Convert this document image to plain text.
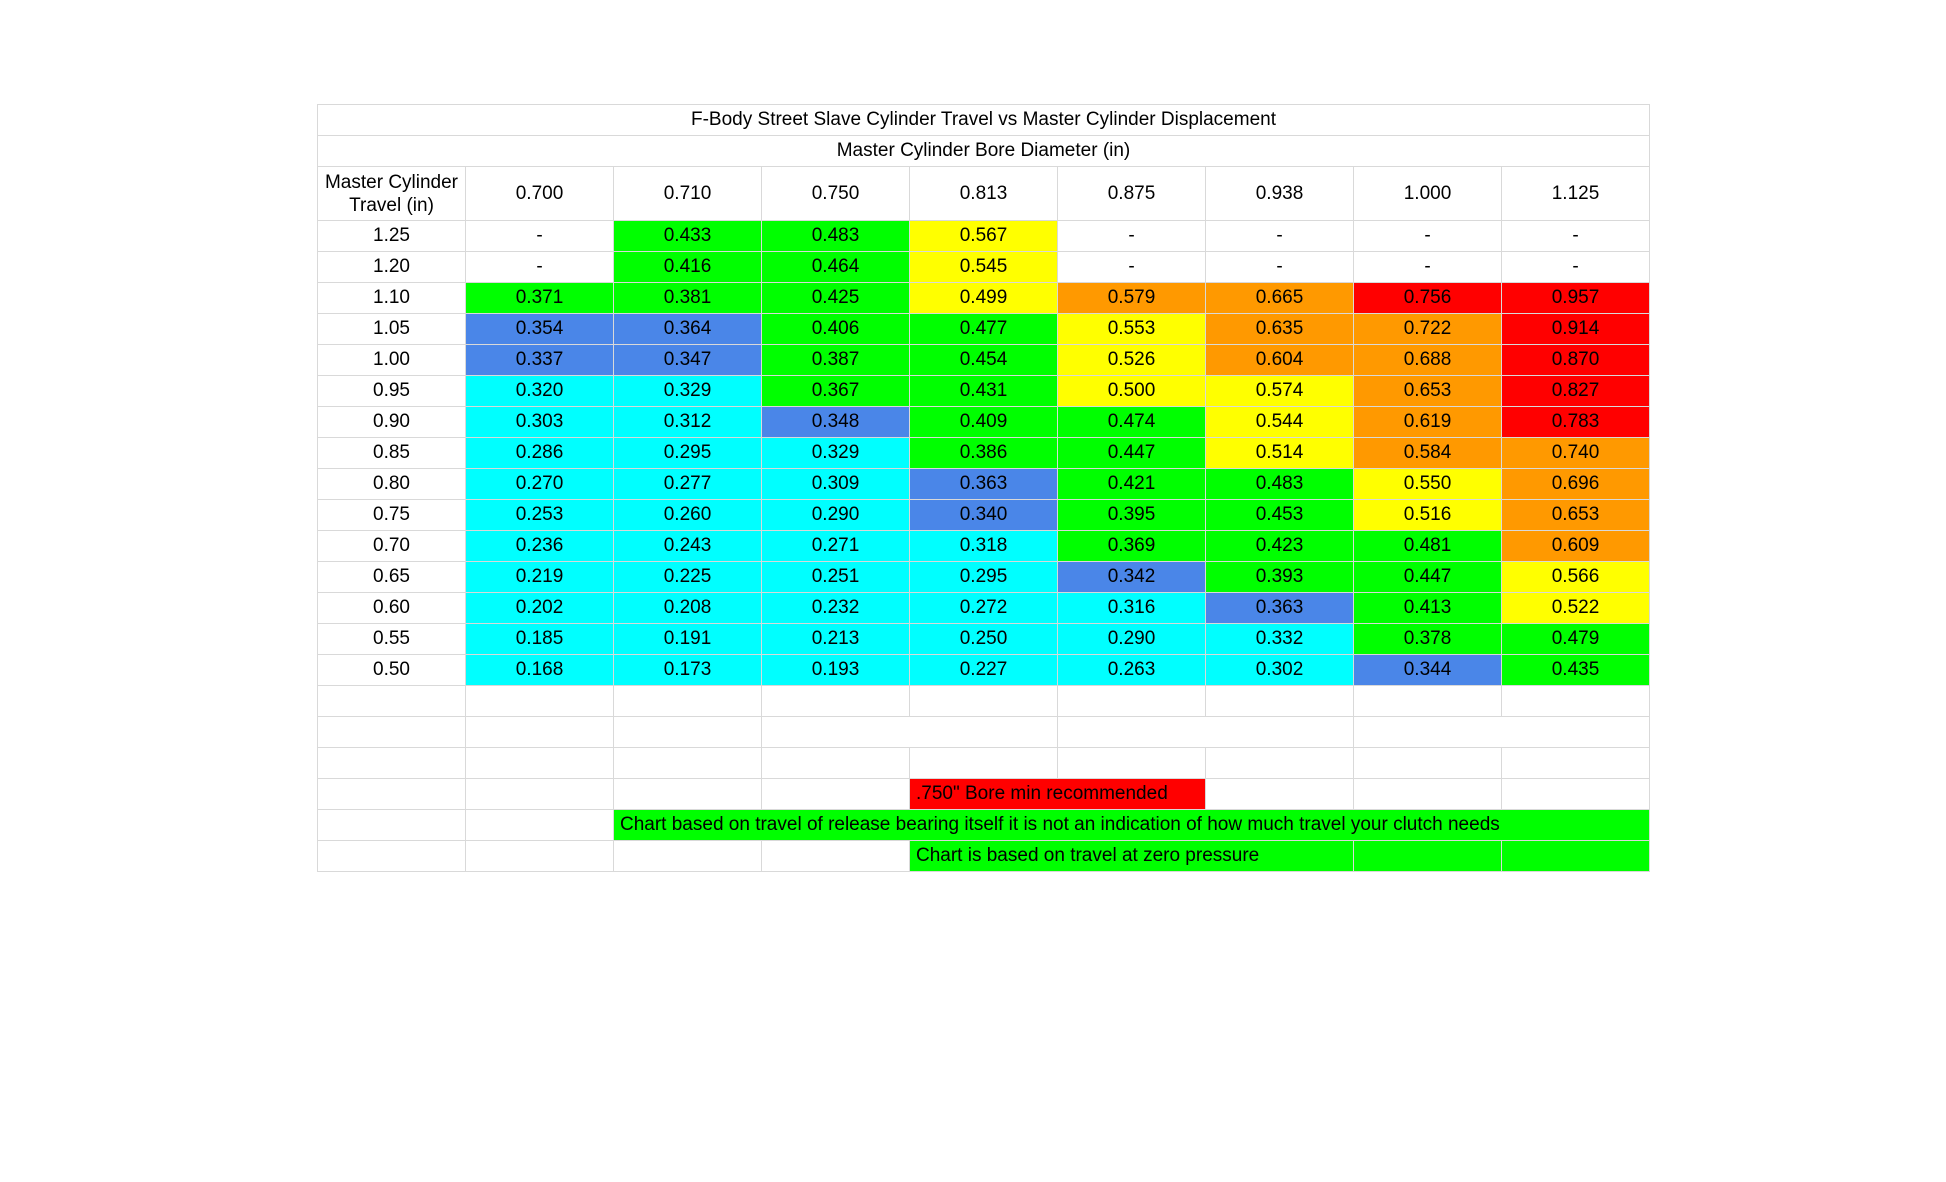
F-Body Street Slave Cylinder Travel vs Master Cylinder Displacement								
Master Cylinder Bore Diameter (in)								
Master Cylinder Travel (in)	0.700	0.710	0.750	0.813	0.875	0.938	1.000	1.125
1.25	-	0.433	0.483	0.567	-	-	-	-
1.20	-	0.416	0.464	0.545	-	-	-	-
1.10	0.371	0.381	0.425	0.499	0.579	0.665	0.756	0.957
1.05	0.354	0.364	0.406	0.477	0.553	0.635	0.722	0.914
1.00	0.337	0.347	0.387	0.454	0.526	0.604	0.688	0.870
0.95	0.320	0.329	0.367	0.431	0.500	0.574	0.653	0.827
0.90	0.303	0.312	0.348	0.409	0.474	0.544	0.619	0.783
0.85	0.286	0.295	0.329	0.386	0.447	0.514	0.584	0.740
0.80	0.270	0.277	0.309	0.363	0.421	0.483	0.550	0.696
0.75	0.253	0.260	0.290	0.340	0.395	0.453	0.516	0.653
0.70	0.236	0.243	0.271	0.318	0.369	0.423	0.481	0.609
0.65	0.219	0.225	0.251	0.295	0.342	0.393	0.447	0.566
0.60	0.202	0.208	0.232	0.272	0.316	0.363	0.413	0.522
0.55	0.185	0.191	0.213	0.250	0.290	0.332	0.378	0.479
0.50	0.168	0.173	0.193	0.227	0.263	0.302	0.344	0.435

				.750" Bore min recommended				
		Chart based on travel of release bearing itself it is not an indication of how much travel your clutch needs						
				Chart is based on travel at zero pressure				
